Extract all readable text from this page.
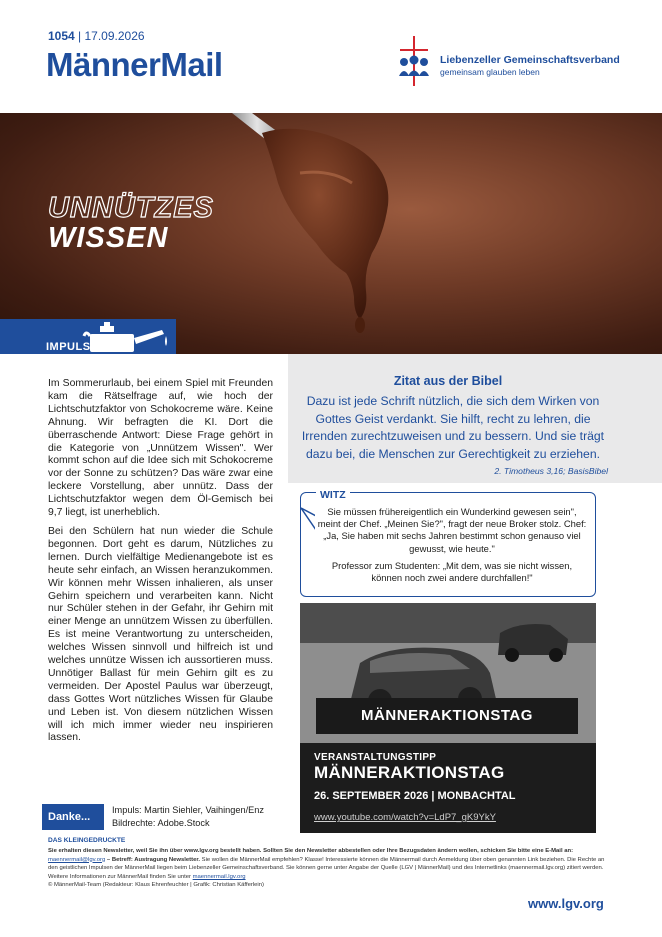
1054 | 17.09.2026
MännerMail	Liebenzeller Gemeinschaftsverband
gemeinsam glauben leben
UNNÜTZES
WISSEN
IMPULS

Im Sommerurlaub, bei einem Spiel mit Freunden kam die Rätselfrage auf, wie hoch der Lichtschutzfaktor von Schokocreme wäre. Keine Ahnung. Wir befragten die KI. Dort die überraschende Antwort: Diese Frage gehört in die Kategorie von „Unnützem Wissen". Wer kommt schon auf die Idee sich mit Schokocreme vor der Sonne zu schützen? Das wäre zwar eine leckere Vorstellung, aber unnütz. Dass der Lichtschutzfaktor wegen dem Öl-Gemisch bei 9,7 liegt, ist unerheblich.

Bei den Schülern hat nun wieder die Schule begonnen. Dort geht es darum, Nützliches zu lernen. Durch vielfältige Medienangebote ist es heute sehr einfach, an Wissen heranzukommen. Wir können mehr Wissen inhalieren, als unser Gehirn speichern und verarbeiten kann. Nicht nur Schüler stehen in der Gefahr, ihr Gehirn mit einer Menge an unnützem Wissen zu überfüllen. Es ist meine Verantwortung zu unterscheiden, welches Wissen sinnvoll und hilfreich ist und welches unnütze Wissen ich aussortieren muss. Unnötiger Ballast für mein Gehirn gilt es zu vermeiden. Der Apostel Paulus war überzeugt, dass Gottes Wort nützliches Wissen für Glaube und Leben ist. Von diesem nützlichen Wissen will ich mich immer wieder neu inspirieren lassen.

Danke...
Impuls: Martin Siehler, Vaihingen/Enz
Bildrechte: Adobe.Stock
Zitat aus der Bibel
Dazu ist jede Schrift nützlich, die sich dem Wirken von Gottes Geist verdankt. Sie hilft, recht zu lehren, die Irrenden zurechtzuweisen und zu bessern. Und sie trägt dazu bei, die Menschen zur Gerechtigkeit zu erziehen.
2. Timotheus 3,16; BasisBibel
WITZ

Sie müssen frühereigentlich ein Wunderkind gewesen sein", meint der Chef. „Meinen Sie?", fragt der neue Broker stolz. Chef: „Ja, Sie haben mit sechs Jahren bestimmt schon genauso viel gewusst, wie heute."

Professor zum Studenten: „Mit dem, was sie nicht wissen, können noch zwei andere durchfallen!"

MÄNNERAKTIONSTAG
VERANSTALTUNGSTIPP
MÄNNERAKTIONSTAG
26. SEPTEMBER 2026 | MONBACHTAL
www.youtube.com/watch?v=LdP7_gK9YkY
DAS KLEINGEDRUCKTE
Sie erhalten diesen Newsletter, weil Sie ihn über www.lgv.org bestellt haben. Sollten Sie den Newsletter abbestellen oder Ihre Bezugsdaten ändern wollen, schicken Sie bitte eine E-Mail an: maennermail@lgv.org – Betreff: Austragung Newsletter. Sie wollen die MännerMail empfehlen? Klasse! Interessierte können die Männermail durch Anmeldung über oben genannten Link beziehen. Die Rechte an den geistlichen Impulsen der MännerMail liegen beim Liebenzeller Gemeinschaftsverband. Sie können gerne unter Angabe der Quelle (LGV | MännerMail) und des Internetlinks (maennermail.lgv.org) zitiert werden.
Weitere Informationen zur MännerMail finden Sie unter maennermail.lgv.org
© MännerMail-Team (Redakteur: Klaus Ehrenfeuchter | Grafik: Christian Käfferlein)
www.lgv.org
